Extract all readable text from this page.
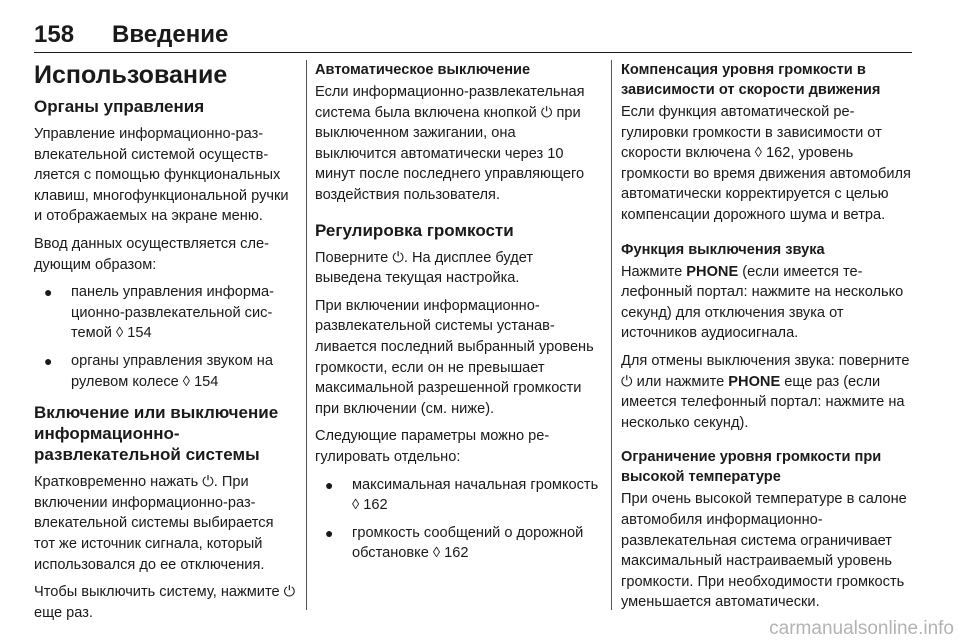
158	Введение
Использование
Органы управления

Управление информационно-развлекательной системой осуществляется с помощью функциональных клавиш, многофункциональной ручки и отображаемых на экране меню.

Ввод данных осуществляется следующим образом:

● панель управления информационно-развлекательной системой ◊ 154
● органы управления звуком на рулевом колесе ◊ 154
Включение или выключение информационно-развлекательной системы

Кратковременно нажать ⏻. При включении информационно-развлекательной системы выбирается тот же источник сигнала, который использовался до ее отключения.

Чтобы выключить систему, нажмите ⏻ еще раз.

Автоматическое выключение

Если информационно-развлекательная система была включена кнопкой ⏻ при выключенном зажигании, она выключится автоматически через 10 минут после последнего управляющего воздействия пользователя.

Регулировка громкости

Поверните ⏻. На дисплее будет выведена текущая настройка.

При включении информационно-развлекательной системы устанавливается последний выбранный уровень громкости, если он не превышает максимальной разрешенной громкости при включении (см. ниже).

Следующие параметры можно регулировать отдельно:

● максимальная начальная громкость ◊ 162
● громкость сообщений о дорожной обстановке ◊ 162
Компенсация уровня громкости в зависимости от скорости движения

Если функция автоматической регулировки громкости в зависимости от скорости включена ◊ 162, уровень громкости во время движения автомобиля автоматически корректируется с целью компенсации дорожного шума и ветра.

Функция выключения звука

Нажмите PHONE (если имеется телефонный портал: нажмите на несколько секунд) для отключения звука от источников аудиосигнала.

Для отмены выключения звука: поверните ⏻ или нажмите PHONE еще раз (если имеется телефонный портал: нажмите на несколько секунд).

Ограничение уровня громкости при высокой температуре

При очень высокой температуре в салоне автомобиля информационно-развлекательная система ограничивает максимальный настраиваемый уровень громкости. При необходимости громкость уменьшается автоматически.

carmanualsonline.info
